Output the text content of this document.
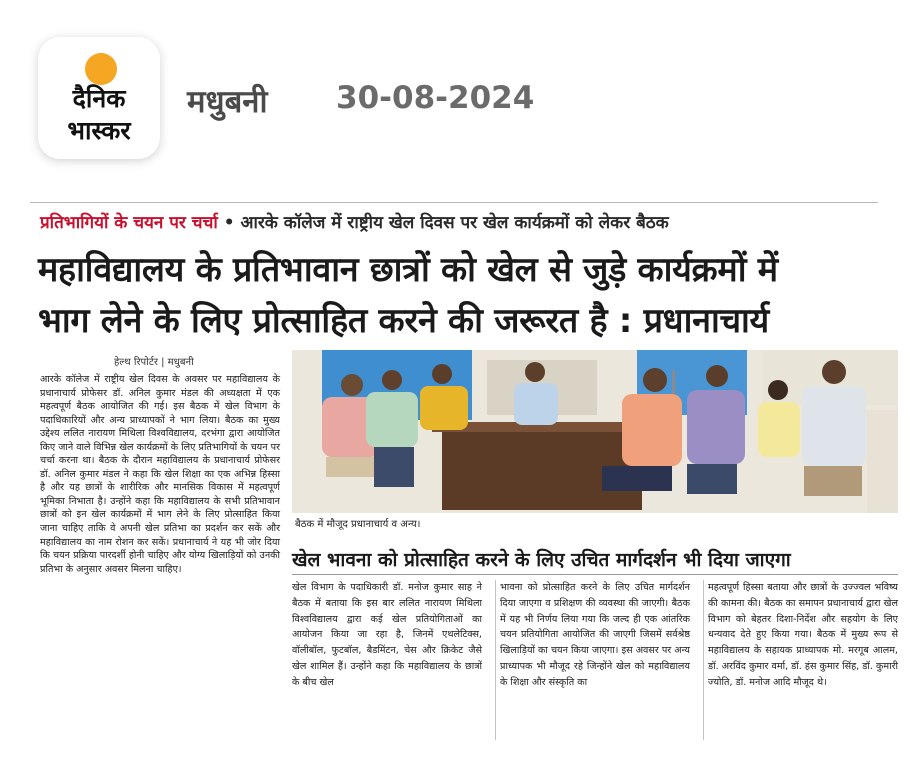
दैनिक
भास्कर
मधुबनी 30-08-2024
प्रतिभागियों के चयन पर चर्चा • आरके कॉलेज में राष्ट्रीय खेल दिवस पर खेल कार्यक्रमों को लेकर बैठक
महाविद्यालय के प्रतिभावान छात्रों को खेल से जुड़े कार्यक्रमों में
भाग लेने के लिए प्रोत्साहित करने की जरूरत है : प्रधानाचार्य
हेल्थ रिपोर्टर | मधुबनी
आरके कॉलेज में राष्ट्रीय खेल दिवस के अवसर पर महाविद्यालय के प्रधानाचार्य प्रोफेसर डॉ. अनिल कुमार मंडल की अध्यक्षता में एक महत्वपूर्ण बैठक आयोजित की गई। इस बैठक में खेल विभाग के पदाधिकारियों और अन्य प्राध्यापकों ने भाग लिया। बैठक का मुख्य उद्देश्य ललित नारायण मिथिला विश्वविद्यालय, दरभंगा द्वारा आयोजित किए जाने वाले विभिन्न खेल कार्यक्रमों के लिए प्रतिभागियों के चयन पर चर्चा करना था। बैठक के दौरान महाविद्यालय के प्रधानाचार्य प्रोफेसर डॉ. अनिल कुमार मंडल ने कहा कि खेल शिक्षा का एक अभिन्न हिस्सा है और यह छात्रों के शारीरिक और मानसिक विकास में महत्वपूर्ण भूमिका निभाता है। उन्होंने कहा कि महाविद्यालय के सभी प्रतिभावान छात्रों को इन खेल कार्यक्रमों में भाग लेने के लिए प्रोत्साहित किया जाना चाहिए ताकि वे अपनी खेल प्रतिभा का प्रदर्शन कर सकें और महाविद्यालय का नाम रोशन कर सकें। प्रधानाचार्य ने यह भी जोर दिया कि चयन प्रक्रिया पारदर्शी होनी चाहिए और योग्य खिलाड़ियों को उनकी प्रतिभा के अनुसार अवसर मिलना चाहिए।
बैठक में मौजूद प्रधानाचार्य व अन्य।
खेल भावना को प्रोत्साहित करने के लिए उचित मार्गदर्शन भी दिया जाएगा
खेल विभाग के पदाधिकारी डॉ. मनोज कुमार साह ने बैठक में बताया कि इस बार ललित नारायण मिथिला विश्वविद्यालय द्वारा कई खेल प्रतियोगिताओं का आयोजन किया जा रहा है, जिनमें एथलेटिक्स, वॉलीबॉल, फुटबॉल, बैडमिंटन, चेस और क्रिकेट जैसे खेल शामिल हैं। उन्होंने कहा कि महाविद्यालय के छात्रों के बीच खेल
भावना को प्रोत्साहित करने के लिए उचित मार्गदर्शन दिया जाएगा व प्रशिक्षण की व्यवस्था की जाएगी। बैठक में यह भी निर्णय लिया गया कि जल्द ही एक आंतरिक चयन प्रतियोगिता आयोजित की जाएगी जिसमें सर्वश्रेष्ठ खिलाड़ियों का चयन किया जाएगा। इस अवसर पर अन्य प्राध्यापक भी मौजूद रहे जिन्होंने खेल को महाविद्यालय के शिक्षा और संस्कृति का
महत्वपूर्ण हिस्सा बताया और छात्रों के उज्ज्वल भविष्य की कामना की। बैठक का समापन प्रधानाचार्य द्वारा खेल विभाग को बेहतर दिशा-निर्देश और सहयोग के लिए धन्यवाद देते हुए किया गया। बैठक में मुख्य रूप से महाविद्यालय के सहायक प्राध्यापक मो. मरगूब आलम, डॉ. अरविंद कुमार वर्मा, डॉ. हंस कुमार सिंह, डॉ. कुमारी ज्योति, डॉ. मनोज आदि मौजूद थे।
